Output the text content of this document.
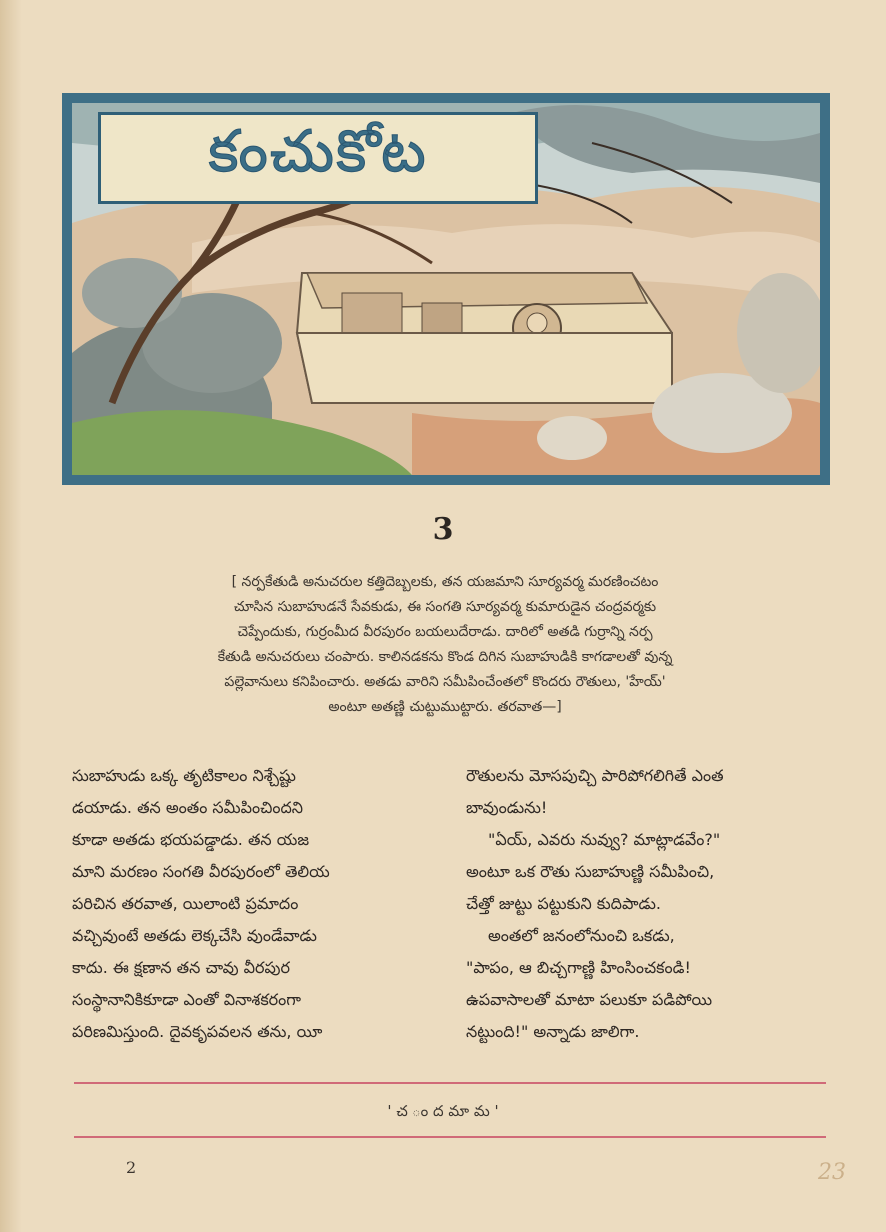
కంచుకోట
3

[ నర్పకేతుడి అనుచరుల కత్తిదెబ్బలకు, తన యజమాని సూర్యవర్మ మరణించటం

చూసిన సుబాహుడనే సేవకుడు, ఈ సంగతి సూర్యవర్మ కుమారుడైన చంద్రవర్మకు

చెప్పేందుకు, గుర్రంమీద వీరపురం బయలుదేరాడు. దారిలో అతడి గుర్రాన్ని నర్ప

కేతుడి అనుచరులు చంపారు. కాలినడకను కొండ దిగిన సుబాహుడికి కాగడాలతో వున్న

పల్లెవానులు కనిపించారు. అతడు వారిని సమీపించేంతలో కొందరు రౌతులు, 'హేయ్'

అంటూ అతణ్ణి చుట్టుముట్టారు. తరవాత—]

సుబాహుడు ఒక్క తృటికాలం నిశ్చేష్టు

డయాడు. తన అంతం సమీపించిందని

కూడా అతడు భయపడ్డాడు. తన యజ

మాని మరణం సంగతి వీరపురంలో తెలియ

పరిచిన తరవాత, యిలాంటి ప్రమాదం

వచ్చివుంటే అతడు లెక్కచేసి వుండేవాడు

కాదు. ఈ క్షణాన తన చావు వీరపుర

సంస్థానానికికూడా ఎంతో వినాశకరంగా

పరిణమిస్తుంది. దైవకృపవలన తను, యీ

రౌతులను మోసపుచ్చి పారిపోగలిగితే ఎంత

బావుండును!

"ఏయ్, ఎవరు నువ్వు? మాట్లాడవేం?"

అంటూ ఒక రౌతు సుబాహుణ్ణి సమీపించి,

చేత్తో జుట్టు పట్టుకుని కుదిపాడు.

అంతలో జనంలోనుంచి ఒకడు,

"పాపం, ఆ బిచ్చగాణ్ణి హింసించకండి!

ఉపవాసాలతో మాటా పలుకూ పడిపోయి

నట్టుంది!" అన్నాడు జాలిగా.

' చ ం ద మా మ '
2	23
